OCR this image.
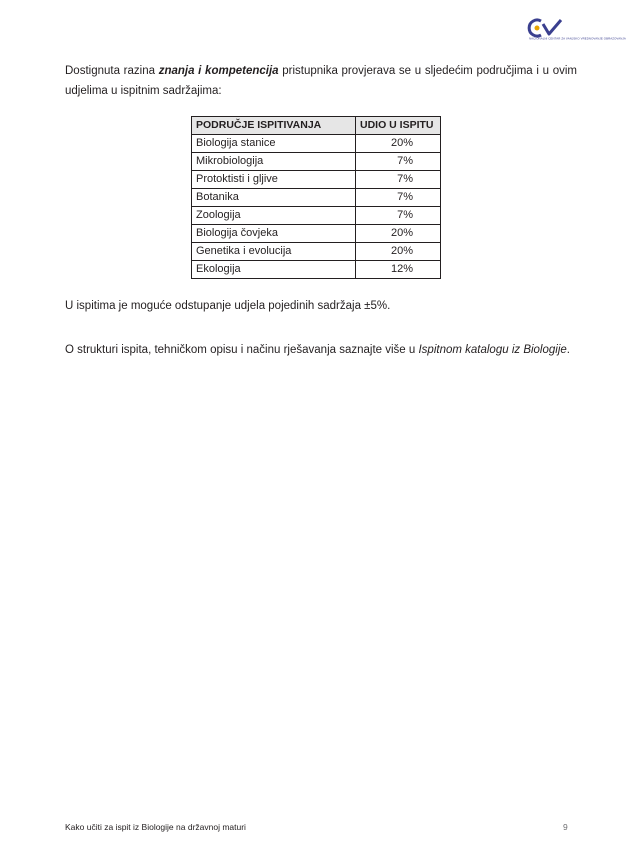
NACIONALNI CENTAR ZA VANJSKO VREDNOVANJE OBRAZOVANJA

Dostignuta razina znanja i kompetencija pristupnika provjerava se u sljedećim područjima i u ovim udjelima u ispitnim sadržajima:

PODRUČJE ISPITIVANJA	UDIO U ISPITU
Biologija stanice	20%
Mikrobiologija	7%
Protoktisti i gljive	7%
Botanika	7%
Zoologija	7%
Biologija čovjeka	20%
Genetika i evolucija	20%
Ekologija	12%

U ispitima je moguće odstupanje udjela pojedinih sadržaja ±5%.

O strukturi ispita, tehničkom opisu i načinu rješavanja saznajte više u Ispitnom katalogu iz Biologije.

Kako učiti za ispit iz Biologije na državnoj maturi	9
